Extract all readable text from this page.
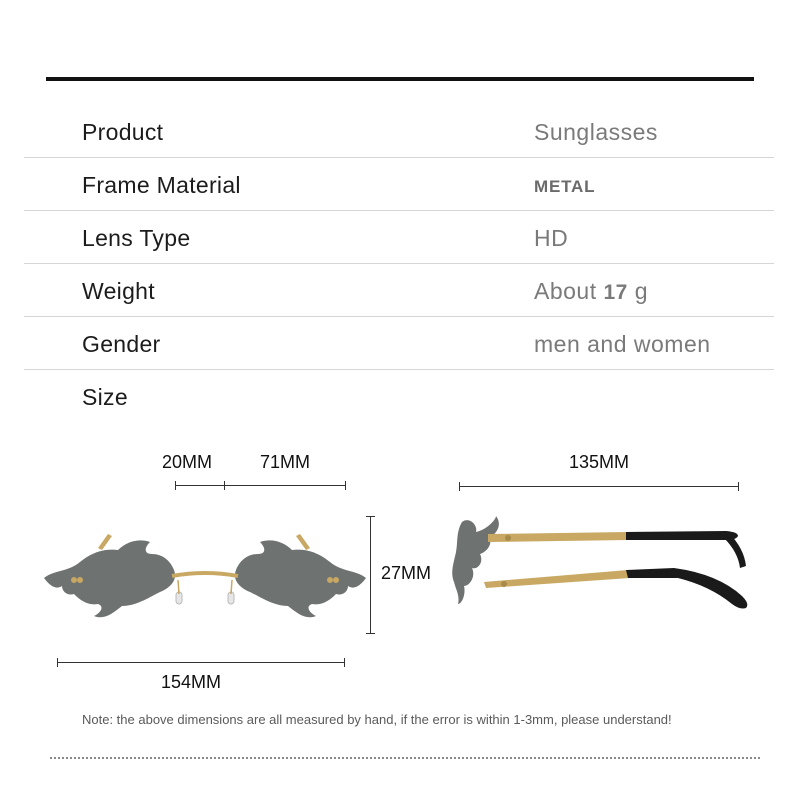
Product	Sunglasses
Frame Material	METAL
Lens Type	HD
Weight	About 17 g
Gender	men and women
Size
20MM	71MM
27MM
154MM
135MM
Note: the above dimensions are all measured by hand, if the error is within 1-3mm, please understand!
